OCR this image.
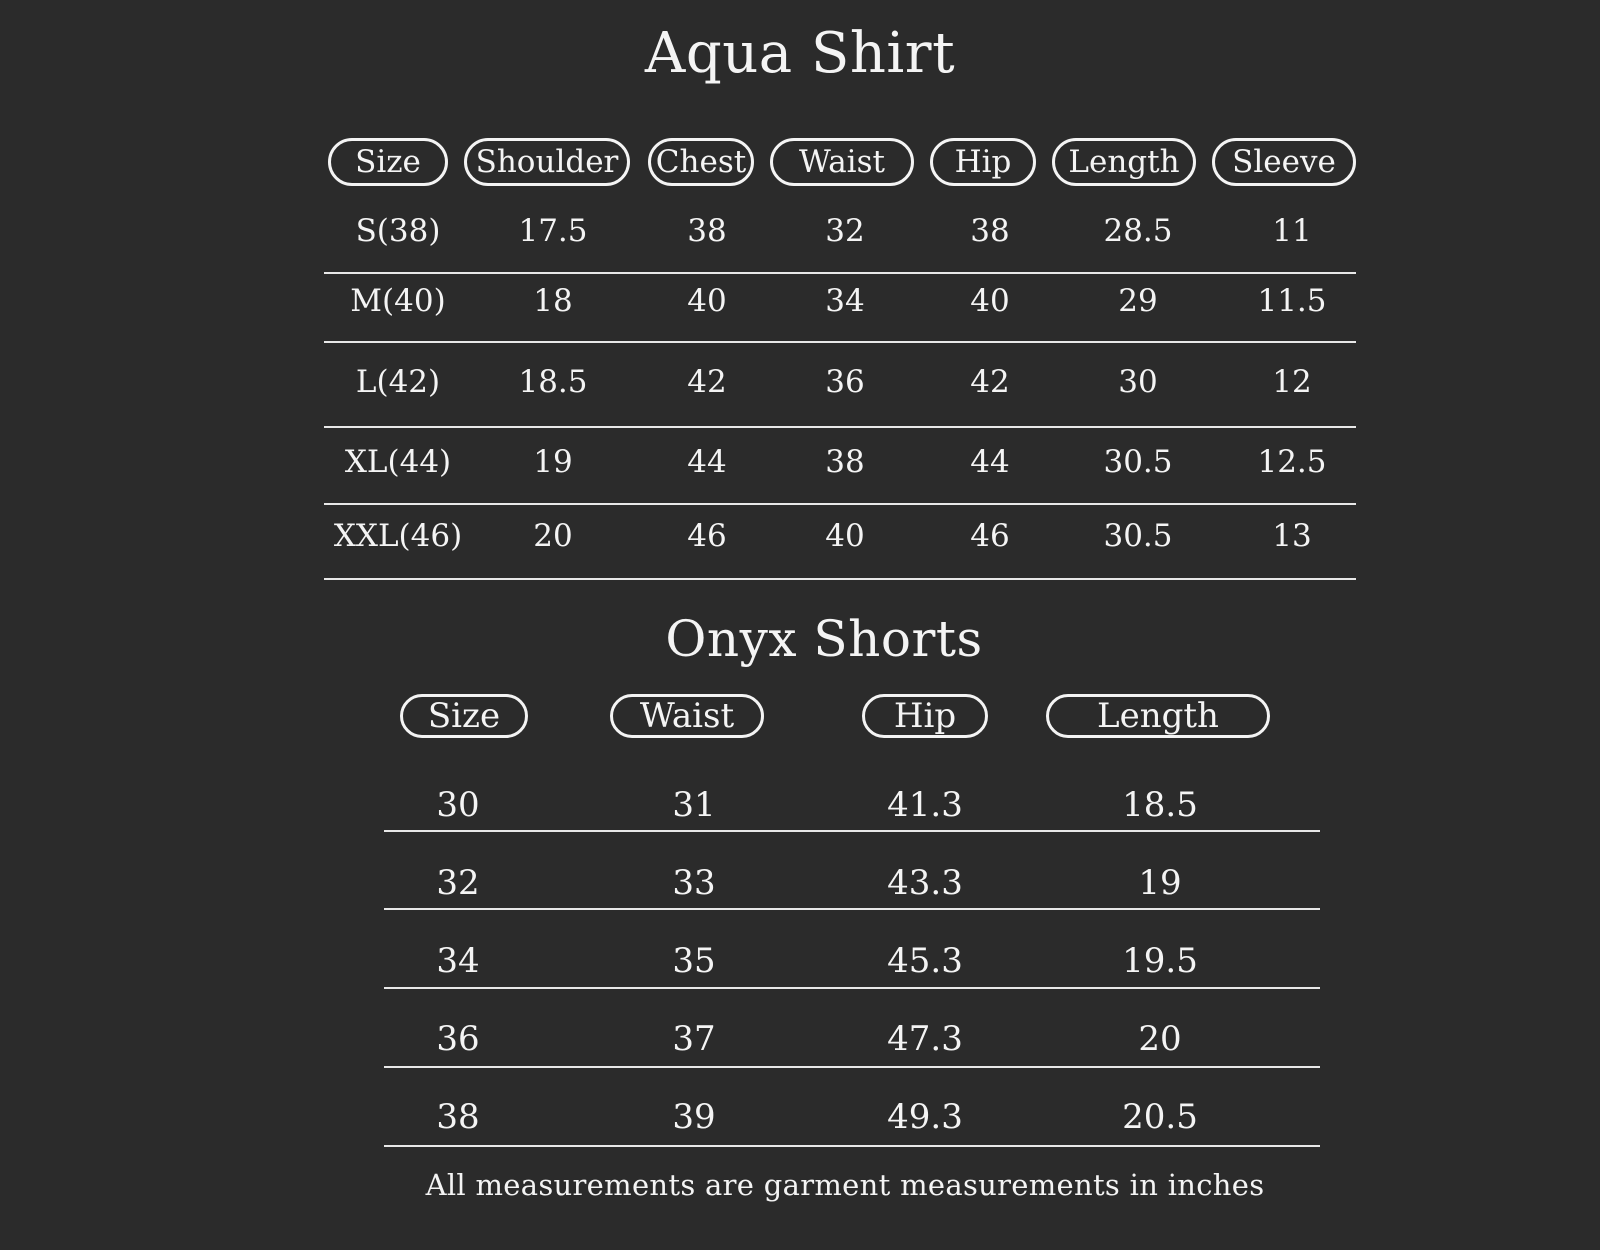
Aqua Shirt
Size	Shoulder	Chest	Waist	Hip	Length	Sleeve
S(38)	17.5	38	32	38	28.5	11
M(40)	18	40	34	40	29	11.5
L(42)	18.5	42	36	42	30	12
XL(44)	19	44	38	44	30.5	12.5
XXL(46) 20	46	40	46	30.5	13
Onyx Shorts
Size	Waist	Hip	Length
30	31	41.3	18.5
32	33	43.3	19
34	35	45.3	19.5
36	37	47.3	20
38	39	49.3	20.5
All measurements are garment measurements in inches
